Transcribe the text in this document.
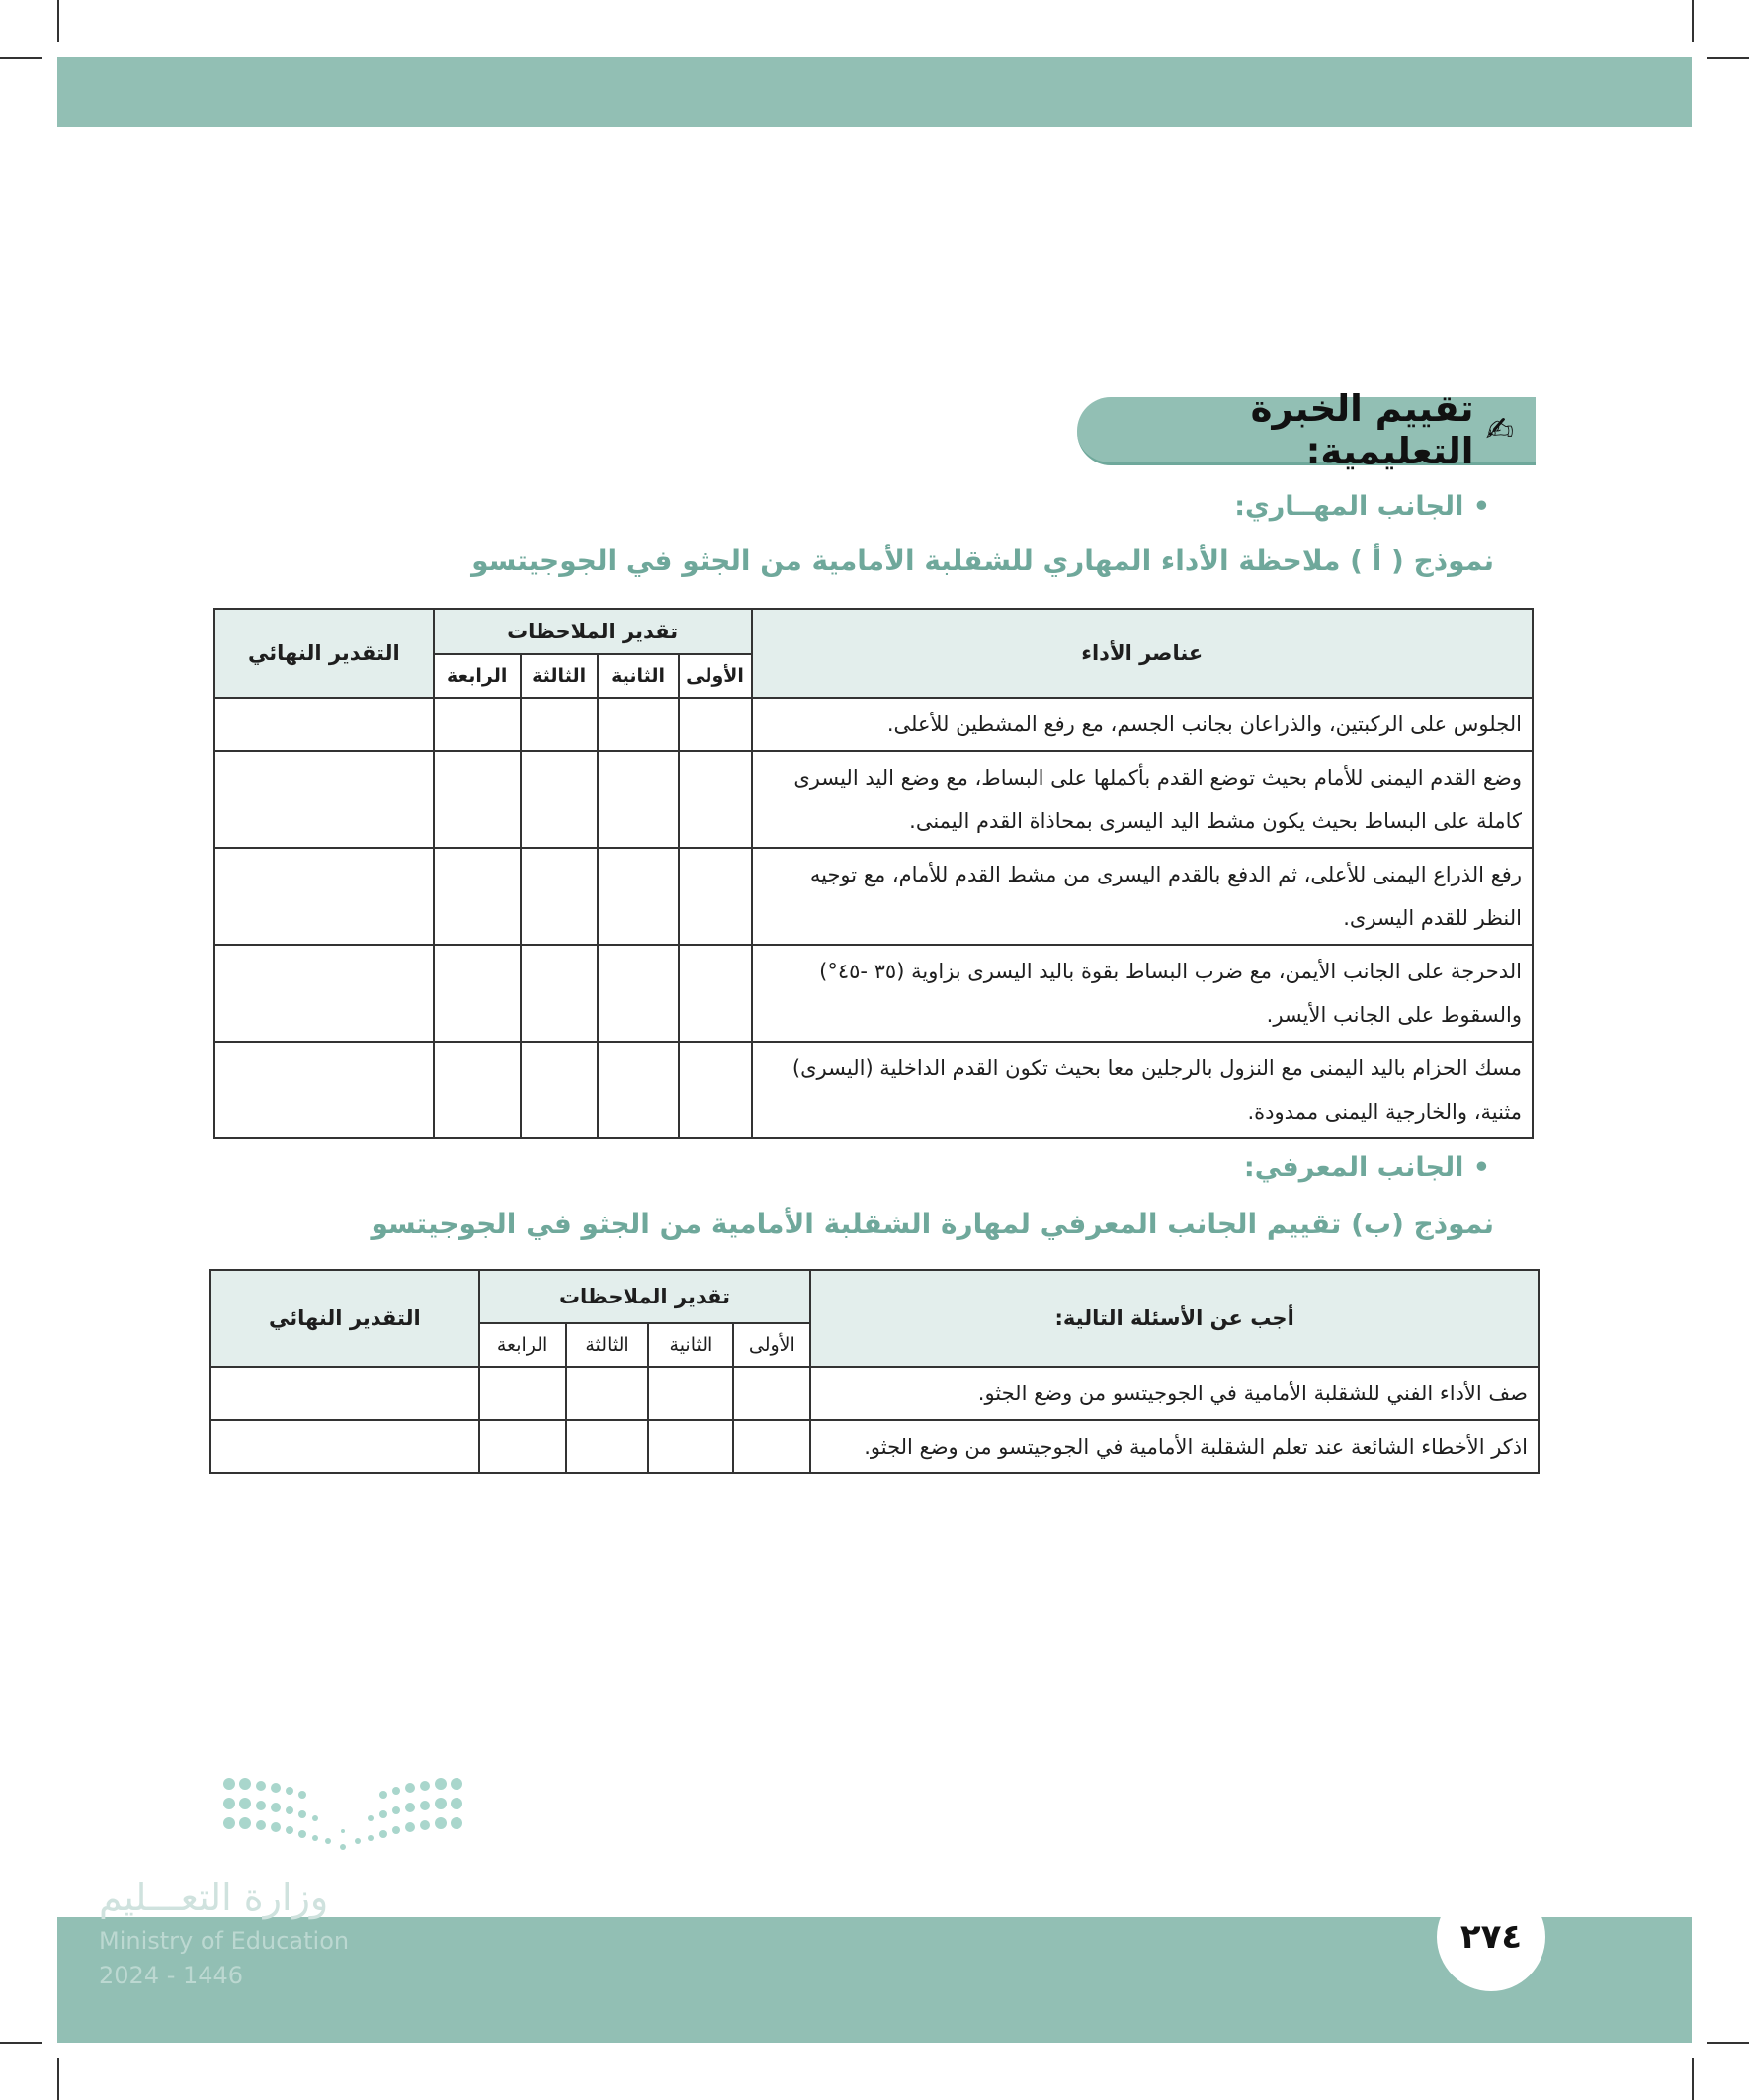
✍
تقييم الخبرة التعليمية:
• الجانب المهــاري:
نموذج ( أ ) ملاحظة الأداء المهاري للشقلبة الأمامية من الجثو في الجوجيتسو
عناصر الأداء	تقدير الملاحظات				التقدير النهائي
	الأولى	الثانية	الثالثة	الرابعة	
الجلوس على الركبتين، والذراعان بجانب الجسم، مع رفع المشطين للأعلى.					
وضع القدم اليمنى للأمام بحيث توضع القدم بأكملها على البساط، مع وضع اليد اليسرى كاملة على البساط بحيث يكون مشط اليد اليسرى بمحاذاة القدم اليمنى.					
رفع الذراع اليمنى للأعلى، ثم الدفع بالقدم اليسرى من مشط القدم للأمام، مع توجيه النظر للقدم اليسرى.					
الدحرجة على الجانب الأيمن، مع ضرب البساط بقوة باليد اليسرى بزاوية (٣٥ -٤٥°) والسقوط على الجانب الأيسر.					
مسك الحزام باليد اليمنى مع النزول بالرجلين معا بحيث تكون القدم الداخلية (اليسرى) مثنية، والخارجية اليمنى ممدودة.					
• الجانب المعرفي:
نموذج (ب) تقييم الجانب المعرفي لمهارة الشقلبة الأمامية من الجثو في الجوجيتسو
أجب عن الأسئلة التالية:	تقدير الملاحظات				التقدير النهائي
	الأولى	الثانية	الثالثة	الرابعة	
صف الأداء الفني للشقلبة الأمامية في الجوجيتسو من وضع الجثو.					
اذكر الأخطاء الشائعة عند تعلم الشقلبة الأمامية في الجوجيتسو من وضع الجثو.					
وزارة التعـــليم
Ministry of Education
2024 - 1446
٢٧٤
